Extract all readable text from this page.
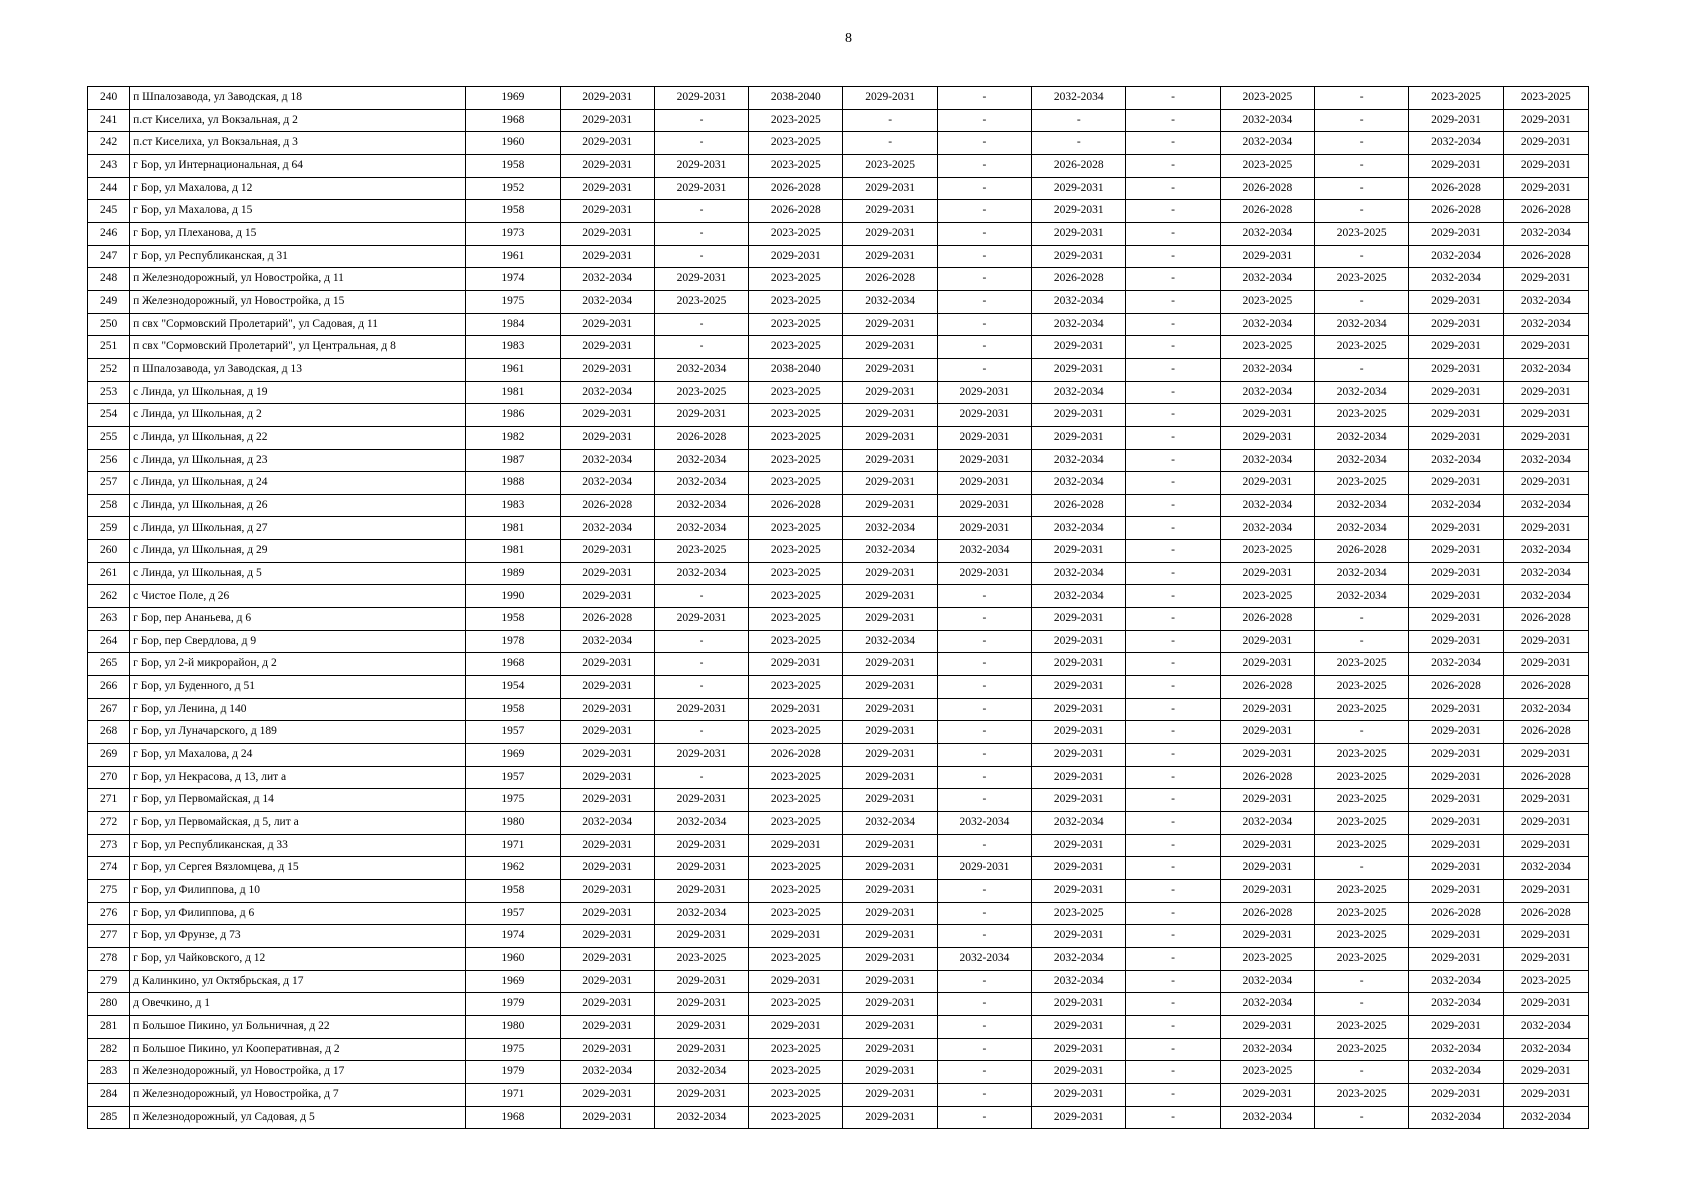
8
240	п Шпалозавода, ул Заводская, д 18	1969	2029-2031	2029-2031	2038-2040	2029-2031	-	2032-2034	-	2023-2025	-	2023-2025	2023-2025
241	п.ст Киселиха, ул Вокзальная, д 2	1968	2029-2031	-	2023-2025	-	-	-	-	2032-2034	-	2029-2031	2029-2031
242	п.ст Киселиха, ул Вокзальная, д 3	1960	2029-2031	-	2023-2025	-	-	-	-	2032-2034	-	2032-2034	2029-2031
243	г Бор, ул Интернациональная, д 64	1958	2029-2031	2029-2031	2023-2025	2023-2025	-	2026-2028	-	2023-2025	-	2029-2031	2029-2031
244	г Бор, ул Махалова, д 12	1952	2029-2031	2029-2031	2026-2028	2029-2031	-	2029-2031	-	2026-2028	-	2026-2028	2029-2031
245	г Бор, ул Махалова, д 15	1958	2029-2031	-	2026-2028	2029-2031	-	2029-2031	-	2026-2028	-	2026-2028	2026-2028
246	г Бор, ул Плеханова, д 15	1973	2029-2031	-	2023-2025	2029-2031	-	2029-2031	-	2032-2034	2023-2025	2029-2031	2032-2034
247	г Бор, ул Республиканская, д 31	1961	2029-2031	-	2029-2031	2029-2031	-	2029-2031	-	2029-2031	-	2032-2034	2026-2028
248	п Железнодорожный, ул Новостройка, д 11	1974	2032-2034	2029-2031	2023-2025	2026-2028	-	2026-2028	-	2032-2034	2023-2025	2032-2034	2029-2031
249	п Железнодорожный, ул Новостройка, д 15	1975	2032-2034	2023-2025	2023-2025	2032-2034	-	2032-2034	-	2023-2025	-	2029-2031	2032-2034
250	п свх "Сормовский Пролетарий", ул Садовая, д 11	1984	2029-2031	-	2023-2025	2029-2031	-	2032-2034	-	2032-2034	2032-2034	2029-2031	2032-2034
251	п свх "Сормовский Пролетарий", ул Центральная, д 8	1983	2029-2031	-	2023-2025	2029-2031	-	2029-2031	-	2023-2025	2023-2025	2029-2031	2029-2031
252	п Шпалозавода, ул Заводская, д 13	1961	2029-2031	2032-2034	2038-2040	2029-2031	-	2029-2031	-	2032-2034	-	2029-2031	2032-2034
253	с Линда, ул Школьная, д 19	1981	2032-2034	2023-2025	2023-2025	2029-2031	2029-2031	2032-2034	-	2032-2034	2032-2034	2029-2031	2029-2031
254	с Линда, ул Школьная, д 2	1986	2029-2031	2029-2031	2023-2025	2029-2031	2029-2031	2029-2031	-	2029-2031	2023-2025	2029-2031	2029-2031
255	с Линда, ул Школьная, д 22	1982	2029-2031	2026-2028	2023-2025	2029-2031	2029-2031	2029-2031	-	2029-2031	2032-2034	2029-2031	2029-2031
256	с Линда, ул Школьная, д 23	1987	2032-2034	2032-2034	2023-2025	2029-2031	2029-2031	2032-2034	-	2032-2034	2032-2034	2032-2034	2032-2034
257	с Линда, ул Школьная, д 24	1988	2032-2034	2032-2034	2023-2025	2029-2031	2029-2031	2032-2034	-	2029-2031	2023-2025	2029-2031	2029-2031
258	с Линда, ул Школьная, д 26	1983	2026-2028	2032-2034	2026-2028	2029-2031	2029-2031	2026-2028	-	2032-2034	2032-2034	2032-2034	2032-2034
259	с Линда, ул Школьная, д 27	1981	2032-2034	2032-2034	2023-2025	2032-2034	2029-2031	2032-2034	-	2032-2034	2032-2034	2029-2031	2029-2031
260	с Линда, ул Школьная, д 29	1981	2029-2031	2023-2025	2023-2025	2032-2034	2032-2034	2029-2031	-	2023-2025	2026-2028	2029-2031	2032-2034
261	с Линда, ул Школьная, д 5	1989	2029-2031	2032-2034	2023-2025	2029-2031	2029-2031	2032-2034	-	2029-2031	2032-2034	2029-2031	2032-2034
262	с Чистое Поле, д 26	1990	2029-2031	-	2023-2025	2029-2031	-	2032-2034	-	2023-2025	2032-2034	2029-2031	2032-2034
263	г Бор, пер Ананьева, д 6	1958	2026-2028	2029-2031	2023-2025	2029-2031	-	2029-2031	-	2026-2028	-	2029-2031	2026-2028
264	г Бор, пер Свердлова, д 9	1978	2032-2034	-	2023-2025	2032-2034	-	2029-2031	-	2029-2031	-	2029-2031	2029-2031
265	г Бор, ул 2-й микрорайон, д 2	1968	2029-2031	-	2029-2031	2029-2031	-	2029-2031	-	2029-2031	2023-2025	2032-2034	2029-2031
266	г Бор, ул Буденного, д 51	1954	2029-2031	-	2023-2025	2029-2031	-	2029-2031	-	2026-2028	2023-2025	2026-2028	2026-2028
267	г Бор, ул Ленина, д 140	1958	2029-2031	2029-2031	2029-2031	2029-2031	-	2029-2031	-	2029-2031	2023-2025	2029-2031	2032-2034
268	г Бор, ул Луначарского, д 189	1957	2029-2031	-	2023-2025	2029-2031	-	2029-2031	-	2029-2031	-	2029-2031	2026-2028
269	г Бор, ул Махалова, д 24	1969	2029-2031	2029-2031	2026-2028	2029-2031	-	2029-2031	-	2029-2031	2023-2025	2029-2031	2029-2031
270	г Бор, ул Некрасова, д 13, лит а	1957	2029-2031	-	2023-2025	2029-2031	-	2029-2031	-	2026-2028	2023-2025	2029-2031	2026-2028
271	г Бор, ул Первомайская, д 14	1975	2029-2031	2029-2031	2023-2025	2029-2031	-	2029-2031	-	2029-2031	2023-2025	2029-2031	2029-2031
272	г Бор, ул Первомайская, д 5, лит а	1980	2032-2034	2032-2034	2023-2025	2032-2034	2032-2034	2032-2034	-	2032-2034	2023-2025	2029-2031	2029-2031
273	г Бор, ул Республиканская, д 33	1971	2029-2031	2029-2031	2029-2031	2029-2031	-	2029-2031	-	2029-2031	2023-2025	2029-2031	2029-2031
274	г Бор, ул Сергея Вязломцева, д 15	1962	2029-2031	2029-2031	2023-2025	2029-2031	2029-2031	2029-2031	-	2029-2031	-	2029-2031	2032-2034
275	г Бор, ул Филиппова, д 10	1958	2029-2031	2029-2031	2023-2025	2029-2031	-	2029-2031	-	2029-2031	2023-2025	2029-2031	2029-2031
276	г Бор, ул Филиппова, д 6	1957	2029-2031	2032-2034	2023-2025	2029-2031	-	2023-2025	-	2026-2028	2023-2025	2026-2028	2026-2028
277	г Бор, ул Фрунзе, д 73	1974	2029-2031	2029-2031	2029-2031	2029-2031	-	2029-2031	-	2029-2031	2023-2025	2029-2031	2029-2031
278	г Бор, ул Чайковского, д 12	1960	2029-2031	2023-2025	2023-2025	2029-2031	2032-2034	2032-2034	-	2023-2025	2023-2025	2029-2031	2029-2031
279	д Калинкино, ул Октябрьская, д 17	1969	2029-2031	2029-2031	2029-2031	2029-2031	-	2032-2034	-	2032-2034	-	2032-2034	2023-2025
280	д Овечкино, д 1	1979	2029-2031	2029-2031	2023-2025	2029-2031	-	2029-2031	-	2032-2034	-	2032-2034	2029-2031
281	п Большое Пикино, ул Больничная, д 22	1980	2029-2031	2029-2031	2029-2031	2029-2031	-	2029-2031	-	2029-2031	2023-2025	2029-2031	2032-2034
282	п Большое Пикино, ул Кооперативная, д 2	1975	2029-2031	2029-2031	2023-2025	2029-2031	-	2029-2031	-	2032-2034	2023-2025	2032-2034	2032-2034
283	п Железнодорожный, ул Новостройка, д 17	1979	2032-2034	2032-2034	2023-2025	2029-2031	-	2029-2031	-	2023-2025	-	2032-2034	2029-2031
284	п Железнодорожный, ул Новостройка, д 7	1971	2029-2031	2029-2031	2023-2025	2029-2031	-	2029-2031	-	2029-2031	2023-2025	2029-2031	2029-2031
285	п Железнодорожный, ул Садовая, д 5	1968	2029-2031	2032-2034	2023-2025	2029-2031	-	2029-2031	-	2032-2034	-	2032-2034	2032-2034
